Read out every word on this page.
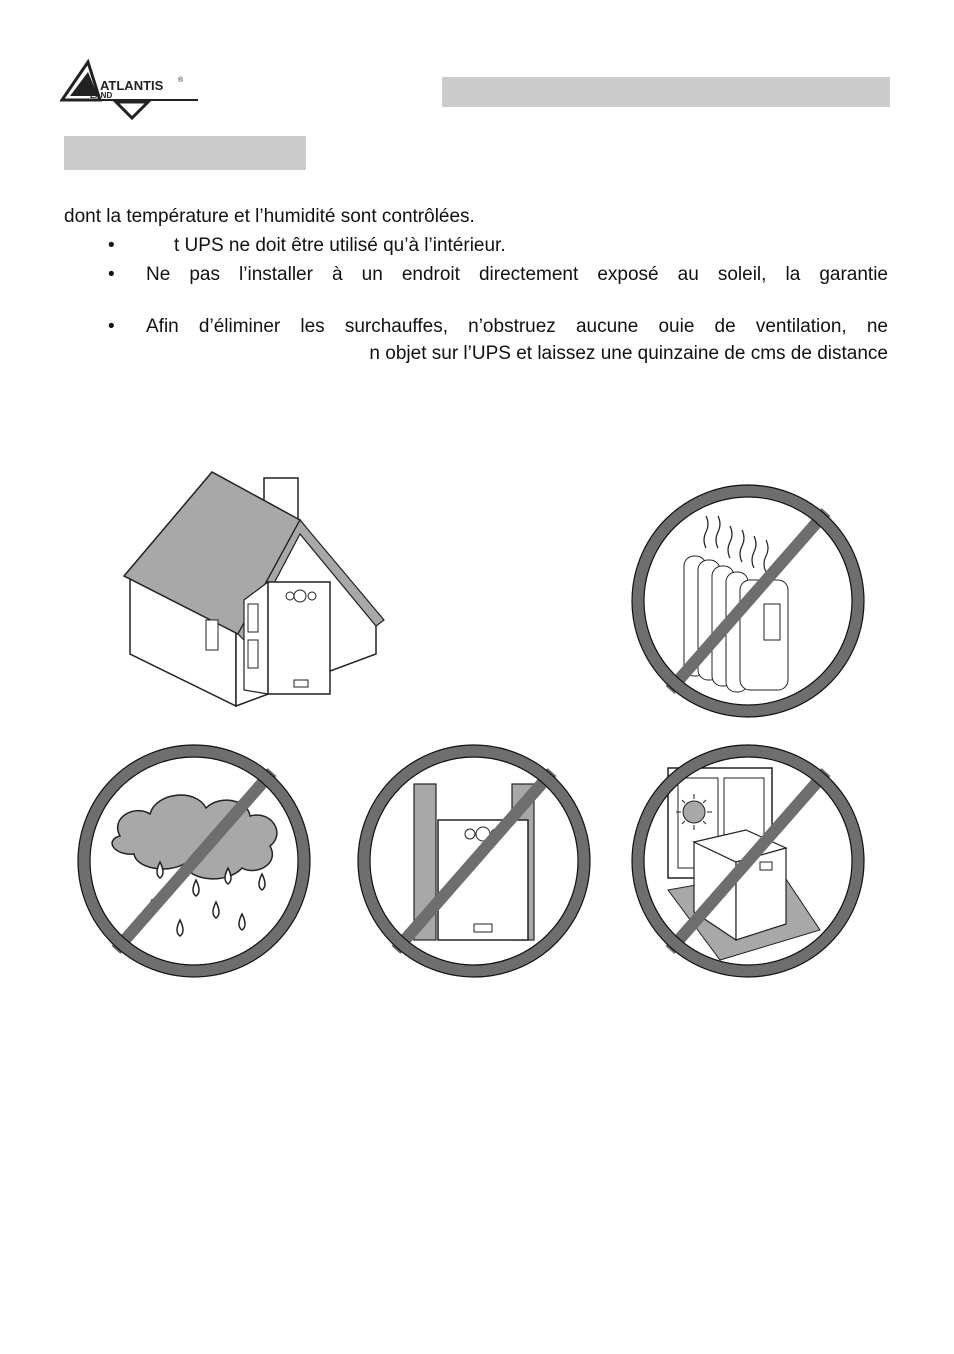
ATLANTIS ®
LAND
dont la température et l’humidité sont contrôlées.
•	t UPS ne doit être utilisé qu’à l’intérieur.
• Ne pas l’installer à un endroit directement exposé au soleil, la garantie
• Afin d’éliminer les surchauffes, n’obstruez aucune ouie de ventilation, ne
n objet sur l’UPS et laissez une quinzaine de cms de distance
